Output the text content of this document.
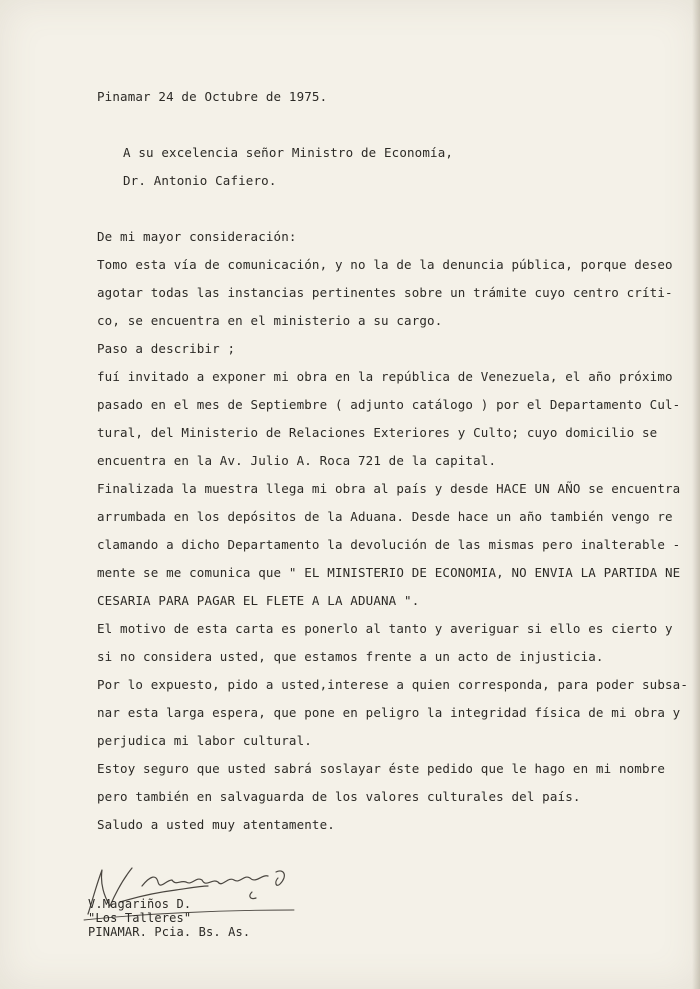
Pinamar 24 de Octubre de 1975.
A su excelencia señor Ministro de Economía,
Dr. Antonio Cafiero.
De mi mayor consideración:
Tomo esta vía de comunicación, y no la de la denuncia pública, porque deseo
agotar todas las instancias pertinentes sobre un trámite cuyo centro críti-
co, se encuentra en el ministerio a su cargo.
Paso a describir ;
fuí invitado a exponer mi obra en la república de Venezuela, el año próximo
pasado en el mes de Septiembre ( adjunto catálogo ) por el Departamento Cul-
tural, del Ministerio de Relaciones Exteriores y Culto; cuyo domicilio se
encuentra en la Av. Julio A. Roca 721 de la capital.
Finalizada la muestra llega mi obra al país y desde HACE UN AÑO se encuentra
arrumbada en los depósitos de la Aduana. Desde hace un año también vengo re
clamando a dicho Departamento la devolución de las mismas pero inalterable -
mente se me comunica que " EL MINISTERIO DE ECONOMIA, NO ENVIA LA PARTIDA NE
CESARIA PARA PAGAR EL FLETE A LA ADUANA ".
El motivo de esta carta es ponerlo al tanto y averiguar si ello es cierto y
si no considera usted, que estamos frente a un acto de injusticia.
Por lo expuesto, pido a usted,interese a quien corresponda, para poder subsa-
nar esta larga espera, que pone en peligro la integridad física de mi obra y
perjudica mi labor cultural.
Estoy seguro que usted sabrá soslayar éste pedido que le hago en mi nombre
pero también en salvaguarda de los valores culturales del país.
Saludo a usted muy atentamente.
V.Magariños D.
"Los Talleres"
PINAMAR. Pcia. Bs. As.
